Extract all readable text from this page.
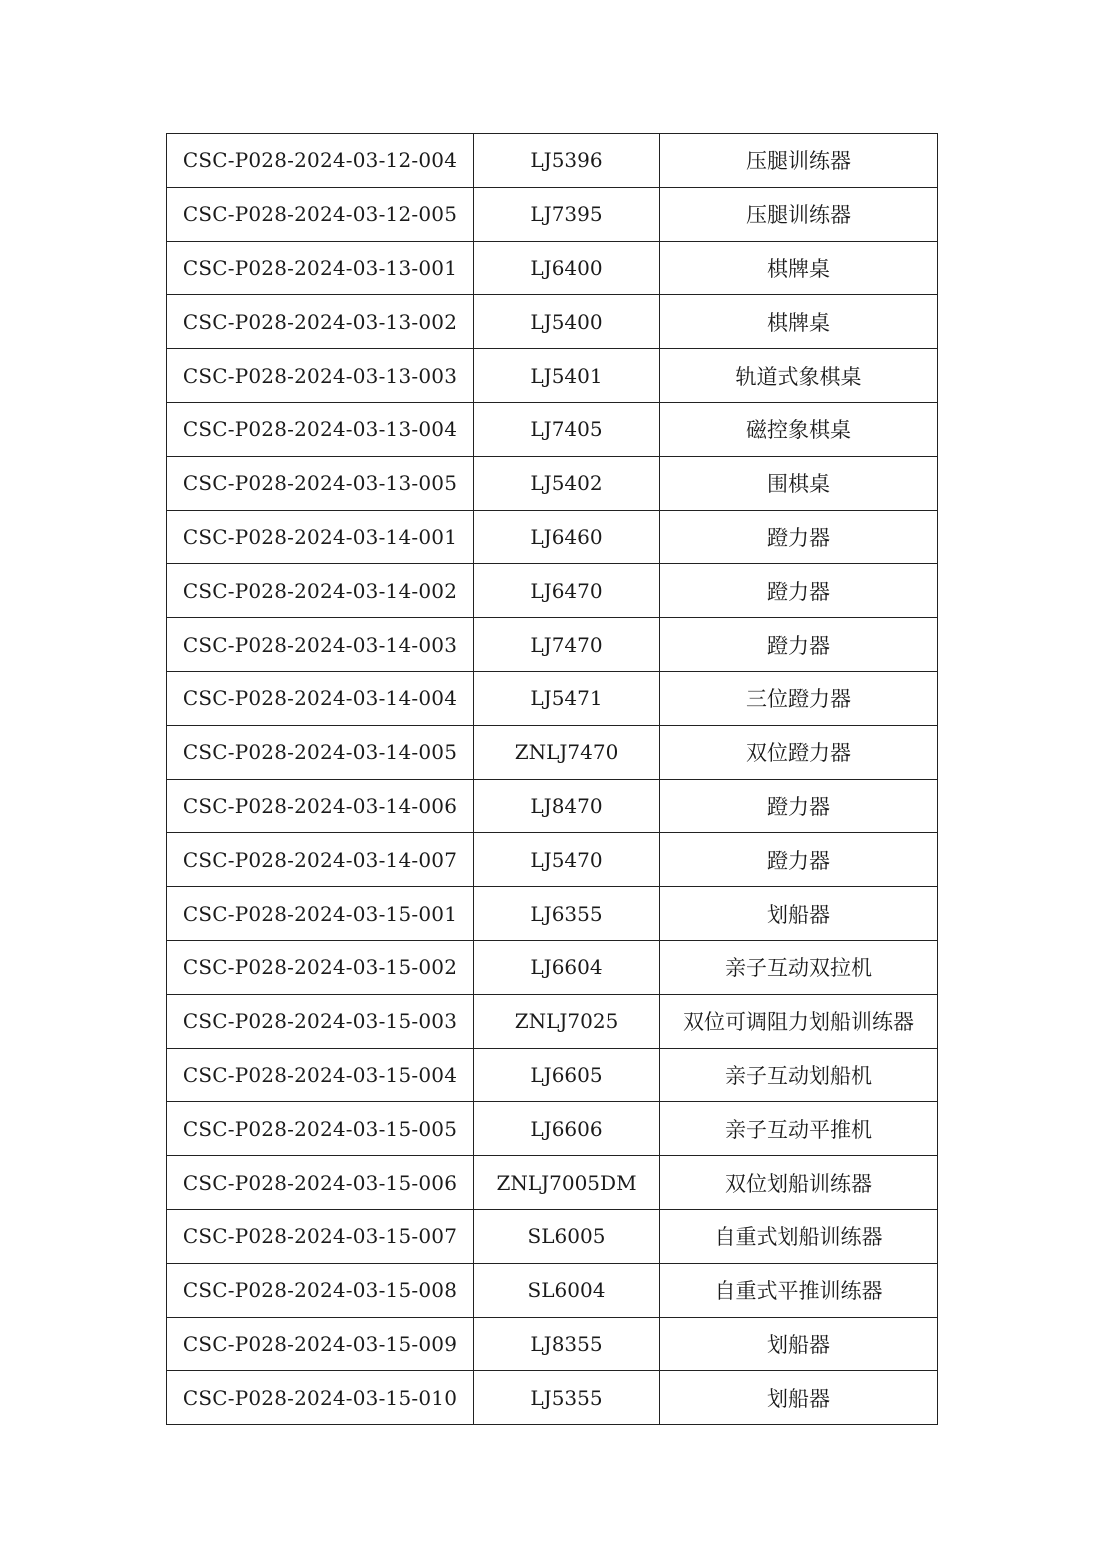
CSC-P028-2024-03-12-004	LJ5396	压腿训练器
CSC-P028-2024-03-12-005	LJ7395	压腿训练器
CSC-P028-2024-03-13-001	LJ6400	棋牌桌
CSC-P028-2024-03-13-002	LJ5400	棋牌桌
CSC-P028-2024-03-13-003	LJ5401	轨道式象棋桌
CSC-P028-2024-03-13-004	LJ7405	磁控象棋桌
CSC-P028-2024-03-13-005	LJ5402	围棋桌
CSC-P028-2024-03-14-001	LJ6460	蹬力器
CSC-P028-2024-03-14-002	LJ6470	蹬力器
CSC-P028-2024-03-14-003	LJ7470	蹬力器
CSC-P028-2024-03-14-004	LJ5471	三位蹬力器
CSC-P028-2024-03-14-005	ZNLJ7470	双位蹬力器
CSC-P028-2024-03-14-006	LJ8470	蹬力器
CSC-P028-2024-03-14-007	LJ5470	蹬力器
CSC-P028-2024-03-15-001	LJ6355	划船器
CSC-P028-2024-03-15-002	LJ6604	亲子互动双拉机
CSC-P028-2024-03-15-003	ZNLJ7025	双位可调阻力划船训练器
CSC-P028-2024-03-15-004	LJ6605	亲子互动划船机
CSC-P028-2024-03-15-005	LJ6606	亲子互动平推机
CSC-P028-2024-03-15-006	ZNLJ7005DM	双位划船训练器
CSC-P028-2024-03-15-007	SL6005	自重式划船训练器
CSC-P028-2024-03-15-008	SL6004	自重式平推训练器
CSC-P028-2024-03-15-009	LJ8355	划船器
CSC-P028-2024-03-15-010	LJ5355	划船器
